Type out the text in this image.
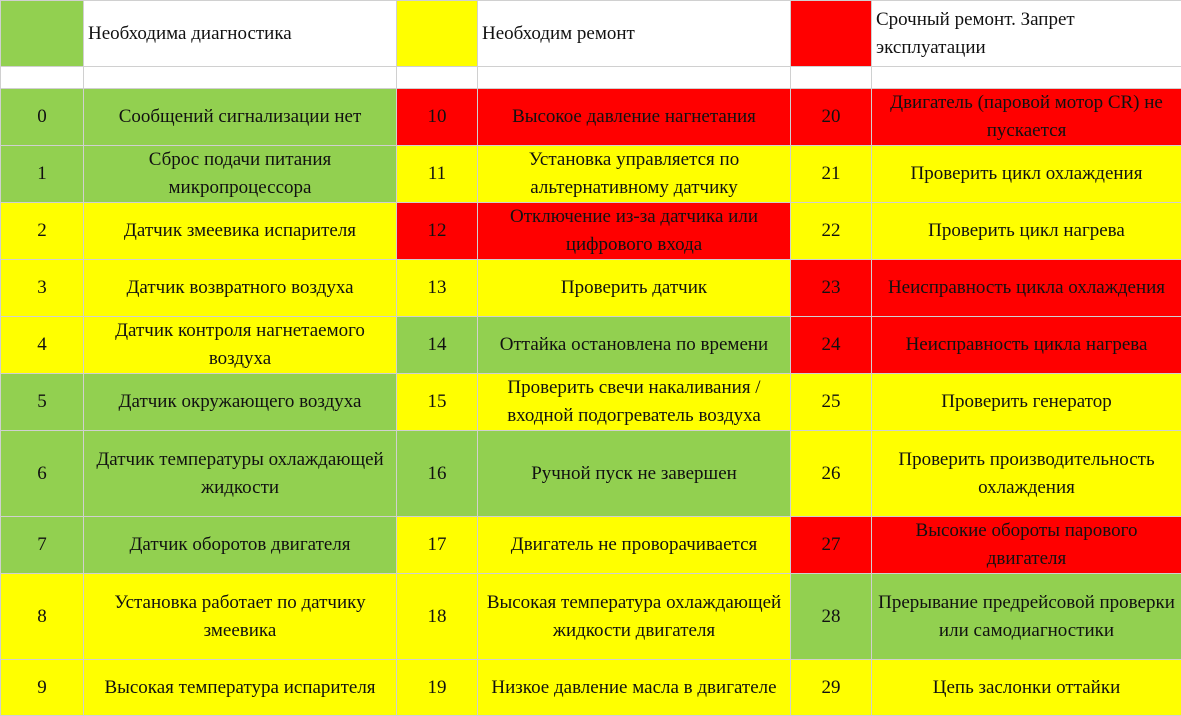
	Необходима диагностика		Необходим ремонт		Срочный ремонт. Запрет эксплуатации

0	Сообщений сигнализации нет	10	Высокое давление нагнетания	20	Двигатель (паровой мотор CR) не пускается

1	Сброс подачи питания микропроцессора	11	Установка управляется по альтернативному датчику	21	Проверить цикл охлаждения

2	Датчик змеевика испарителя	12	Отключение из-за датчика или цифрового входа	22	Проверить цикл нагрева

3	Датчик возвратного воздуха	13	Проверить датчик	23	Неисправность цикла охлаждения

4	Датчик контроля нагнетаемого воздуха	14	Оттайка остановлена по времени	24	Неисправность цикла нагрева

5	Датчик окружающего воздуха	15	Проверить свечи накаливания / входной подогреватель воздуха	25	Проверить генератор

6	Датчик температуры охлаждающей жидкости	16	Ручной пуск не завершен	26	Проверить производительность охлаждения

7	Датчик оборотов двигателя	17	Двигатель не проворачивается	27	Высокие обороты парового двигателя

8	Установка работает по датчику змеевика	18	Высокая температура охлаждающей жидкости двигателя	28	Прерывание предрейсовой проверки или самодиагностики

9	Высокая температура испарителя	19	Низкое давление масла в двигателе	29	Цепь заслонки оттайки
